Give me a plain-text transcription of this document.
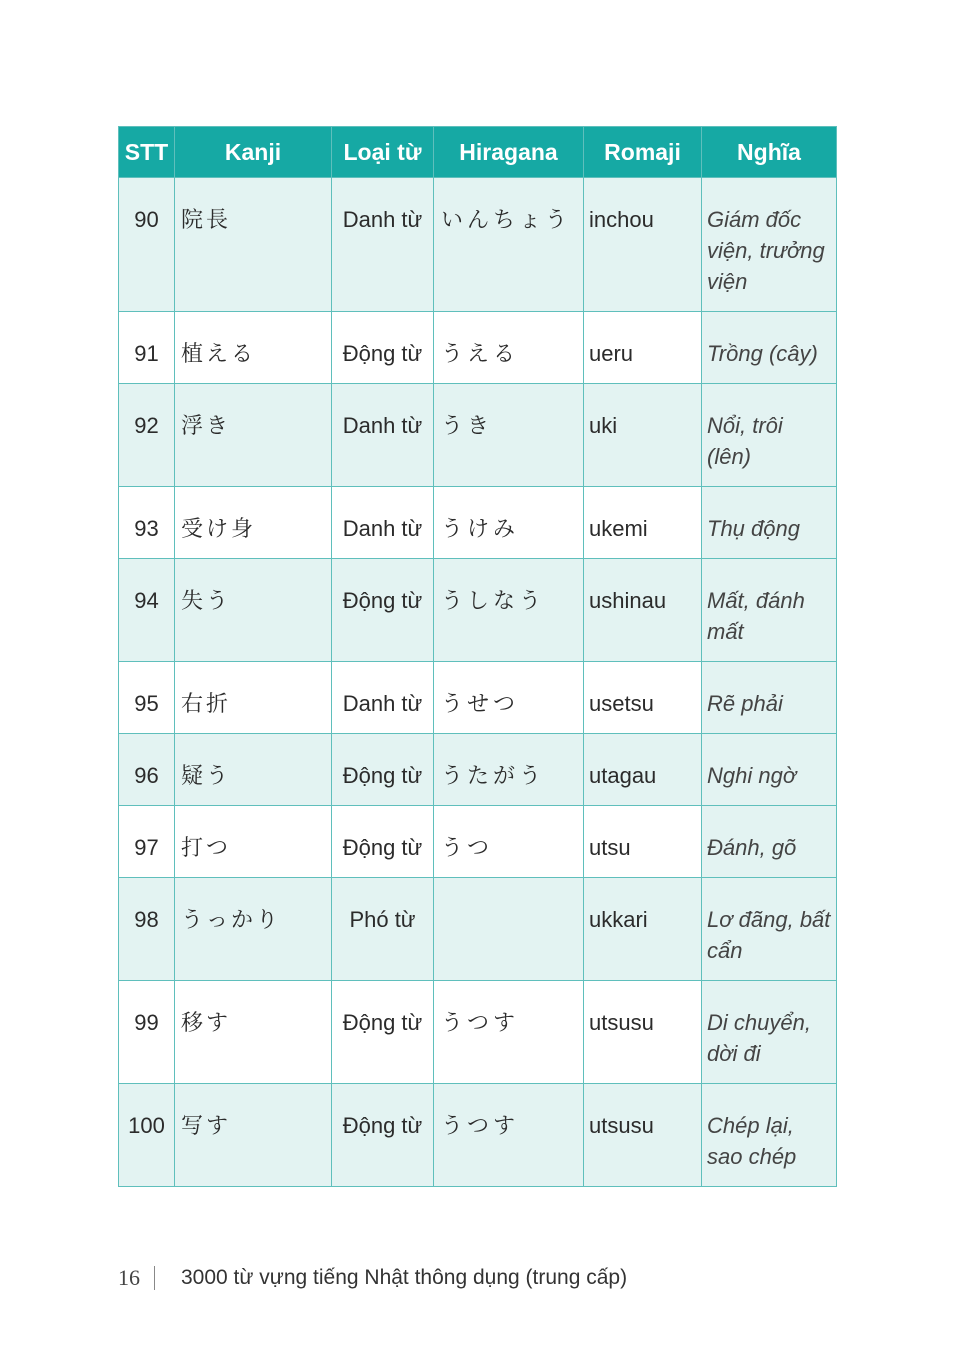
STT	Kanji	Loại từ	Hiragana	Romaji	Nghĩa
90	院長	Danh từ	いんちょう	inchou	Giám đốc viện, trưởng viện
91	植える	Động từ	うえる	ueru	Trồng (cây)
92	浮き	Danh từ	うき	uki	Nổi, trôi (lên)
93	受け身	Danh từ	うけみ	ukemi	Thụ động
94	失う	Động từ	うしなう	ushinau	Mất, đánh mất
95	右折	Danh từ	うせつ	usetsu	Rẽ phải
96	疑う	Động từ	うたがう	utagau	Nghi ngờ
97	打つ	Động từ	うつ	utsu	Đánh, gõ
98	うっかり	Phó từ		ukkari	Lơ đãng, bất cẩn
99	移す	Động từ	うつす	utsusu	Di chuyển, dời đi
100	写す	Động từ	うつす	utsusu	Chép lại, sao chép
16	3000 từ vựng tiếng Nhật thông dụng (trung cấp)
